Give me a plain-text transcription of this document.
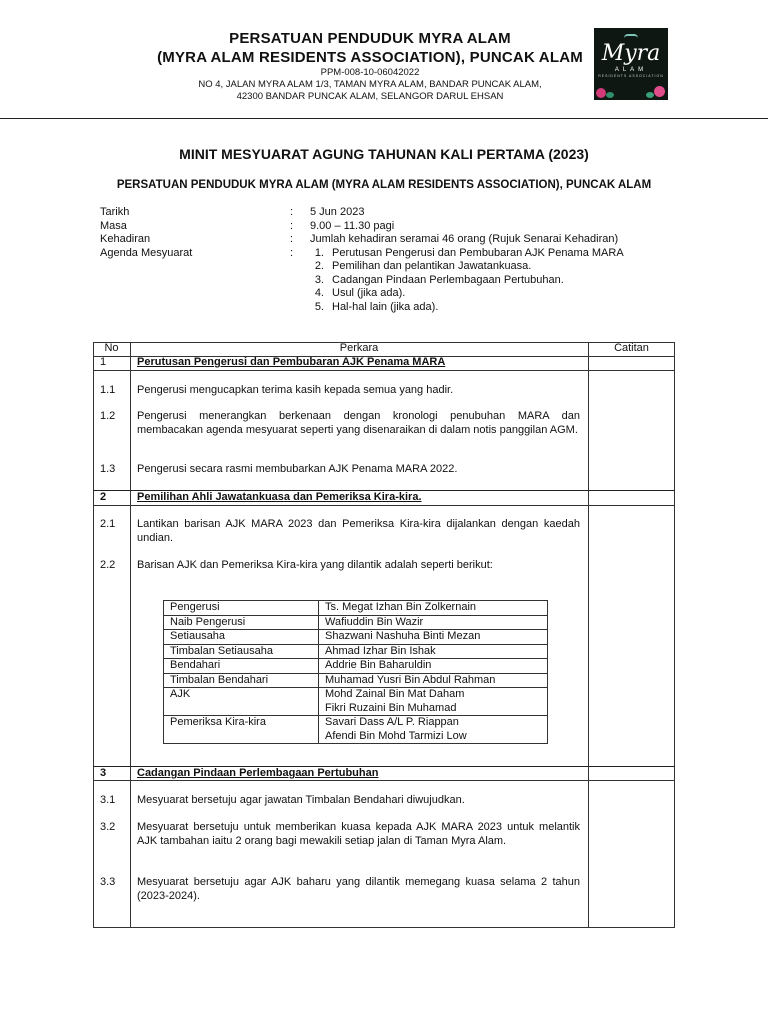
PERSATUAN PENDUDUK MYRA ALAM
(MYRA ALAM RESIDENTS ASSOCIATION), PUNCAK ALAM
PPM-008-10-06042022
NO 4, JALAN MYRA ALAM 1/3, TAMAN MYRA ALAM, BANDAR PUNCAK ALAM,
42300 BANDAR PUNCAK ALAM, SELANGOR DARUL EHSAN
Myra
ALAM
RESIDENTS ASSOCIATION
MINIT MESYUARAT AGUNG TAHUNAN KALI PERTAMA (2023)
PERSATUAN PENDUDUK MYRA ALAM (MYRA ALAM RESIDENTS ASSOCIATION), PUNCAK ALAM
Tarikh	: 5 Jun 2023
Masa	: 9.00 – 11.30 pagi
Kehadiran	: Jumlah kehadiran seramai 46 orang (Rujuk Senarai Kehadiran)
Agenda Mesyuarat	:	1. Perutusan Pengerusi dan Pembubaran AJK Penama MARA
2. Pemilihan dan pelantikan Jawatankuasa.
3. Cadangan Pindaan Perlembagaan Pertubuhan.
4. Usul (jika ada).
5. Hal-hal lain (jika ada).
No	Perkara	Catitan
1	Perutusan Pengerusi dan Pembubaran AJK Penama MARA
1.1	Pengerusi mengucapkan terima kasih kepada semua yang hadir.
1.2	Pengerusi menerangkan berkenaan dengan kronologi penubuhan MARA dan membacakan agenda mesyuarat seperti yang disenaraikan di dalam notis panggilan AGM.
1.3	Pengerusi secara rasmi membubarkan AJK Penama MARA 2022.
2	Pemilihan Ahli Jawatankuasa dan Pemeriksa Kira-kira.
2.1	Lantikan barisan AJK MARA 2023 dan Pemeriksa Kira-kira dijalankan dengan kaedah undian.
2.2	Barisan AJK dan Pemeriksa Kira-kira yang dilantik adalah seperti berikut:
Pengerusi	Ts. Megat Izhan Bin Zolkernain
Naib Pengerusi	Wafiuddin Bin Wazir
Setiausaha	Shazwani Nashuha Binti Mezan
Timbalan Setiausaha	Ahmad Izhar Bin Ishak
Bendahari	Addrie Bin Baharuldin
Timbalan Bendahari	Muhamad Yusri Bin Abdul Rahman
AJK	Mohd Zainal Bin Mat Daham
Fikri Ruzaini Bin Muhamad

Pemeriksa Kira-kira	Savari Dass A/L P. Riappan
Afendi Bin Mohd Tarmizi Low
3	Cadangan Pindaan Perlembagaan Pertubuhan
3.1	Mesyuarat bersetuju agar jawatan Timbalan Bendahari diwujudkan.
3.2	Mesyuarat bersetuju untuk memberikan kuasa kepada AJK MARA 2023 untuk melantik AJK tambahan iaitu 2 orang bagi mewakili setiap jalan di Taman Myra Alam.
3.3	Mesyuarat bersetuju agar AJK baharu yang dilantik memegang kuasa selama 2 tahun (2023-2024).
